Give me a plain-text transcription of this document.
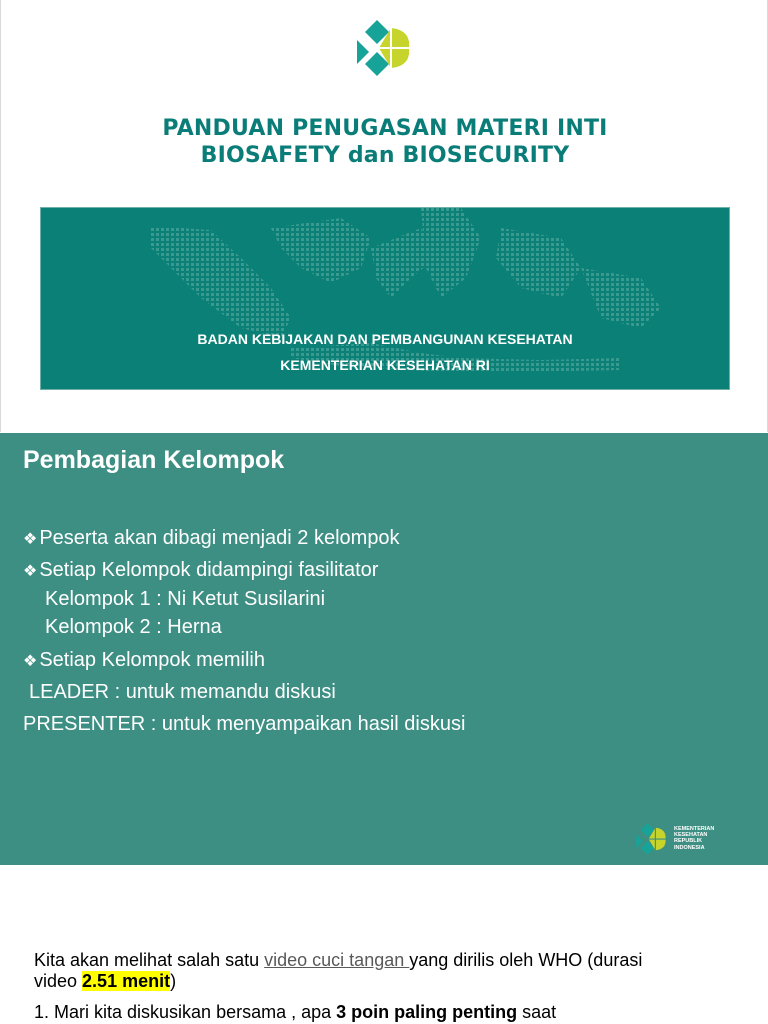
PANDUAN PENUGASAN MATERI INTI
BIOSAFETY dan BIOSECURITY
BADAN KEBIJAKAN DAN PEMBANGUNAN KESEHATAN
KEMENTERIAN KESEHATAN RI
Pembagian Kelompok
❖ Peserta akan dibagi menjadi 2 kelompok
❖ Setiap Kelompok didampingi fasilitator
Kelompok 1 : Ni Ketut Susilarini
Kelompok 2 : Herna
❖ Setiap Kelompok memilih
LEADER : untuk memandu diskusi
PRESENTER : untuk menyampaikan hasil diskusi
KEMENTERIAN
KESEHATAN
REPUBLIK
INDONESIA
Kita akan melihat salah satu video cuci tangan yang dirilis oleh WHO (durasi
video 2.51 menit)
1. Mari kita diskusikan bersama , apa 3 poin paling penting saat
